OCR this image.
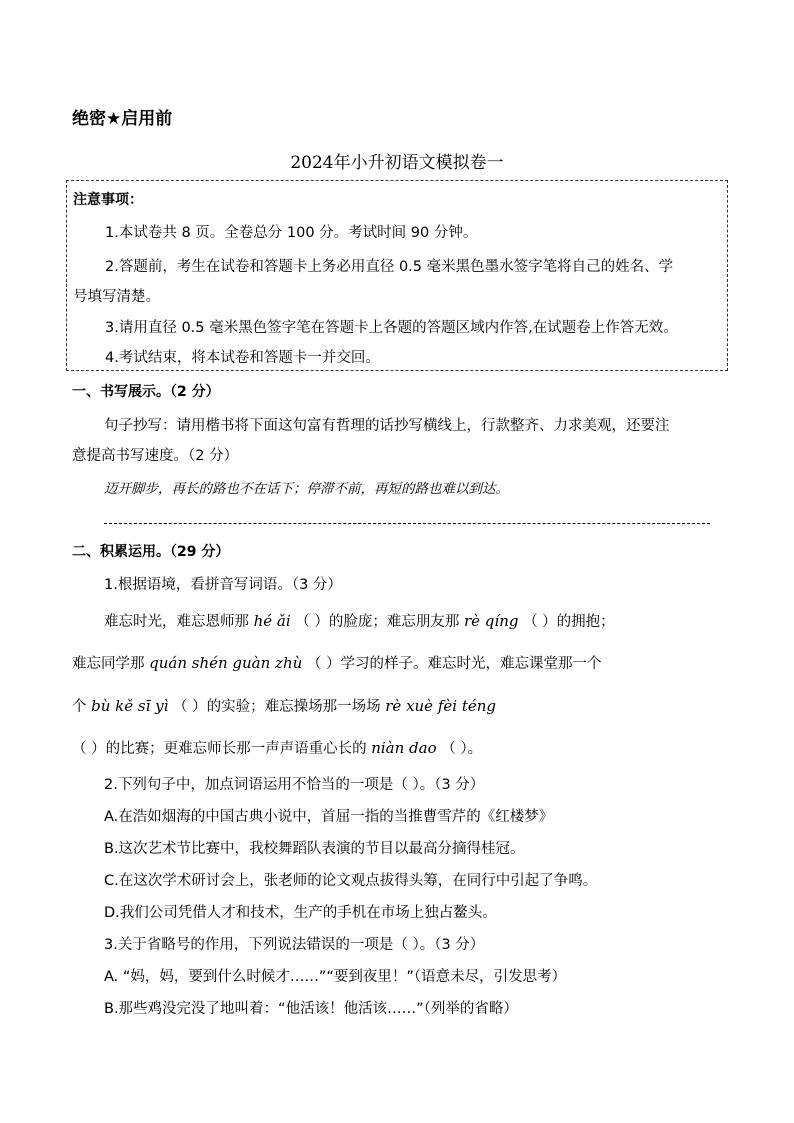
绝密★启用前
2024年小升初语文模拟卷一
注意事项：
1.本试卷共 8 页。全卷总分 100 分。考试时间 90 分钟。
2.答题前，考生在试卷和答题卡上务必用直径 0.5 毫米黑色墨水签字笔将自己的姓名、学
号填写清楚。
3.请用直径 0.5 毫米黑色签字笔在答题卡上各题的答题区域内作答,在试题卷上作答无效。
4.考试结束，将本试卷和答题卡一并交回。
一、书写展示。（2 分）
句子抄写：请用楷书将下面这句富有哲理的话抄写横线上，行款整齐、力求美观，还要注
意提高书写速度。（2 分）
迈开脚步，再长的路也不在话下；停滞不前，再短的路也难以到达。
二、积累运用。（29 分）
1.根据语境，看拼音写词语。（3 分）
难忘时光，难忘恩师那 hé ǎi （ ）的脸庞；难忘朋友那 rè qíng （ ）的拥抱；
难忘同学那 quán shén guàn zhù （ ）学习的样子。难忘时光，难忘课堂那一个
个 bù kě sī yì （ ）的实验；难忘操场那一场场 rè xuè fèi téng
（ ）的比赛；更难忘师长那一声声语重心长的 niàn dao （ ）。
2.下列句子中，加点词语运用不恰当的一项是（ ）。（3 分）
A.在浩如烟海的中国古典小说中，首屈一指的当推曹雪芹的《红楼梦》
B.这次艺术节比赛中，我校舞蹈队表演的节目以最高分摘得桂冠。
C.在这次学术研讨会上，张老师的论文观点拔得头筹，在同行中引起了争鸣。
D.我们公司凭借人才和技术，生产的手机在市场上独占鳌头。
3.关于省略号的作用，下列说法错误的一项是（ ）。（3 分）
A. “妈，妈，要到什么时候才……”“要到夜里！”（语意未尽，引发思考）
B.那些鸡没完没了地叫着：“他活该！他活该……”（列举的省略）
